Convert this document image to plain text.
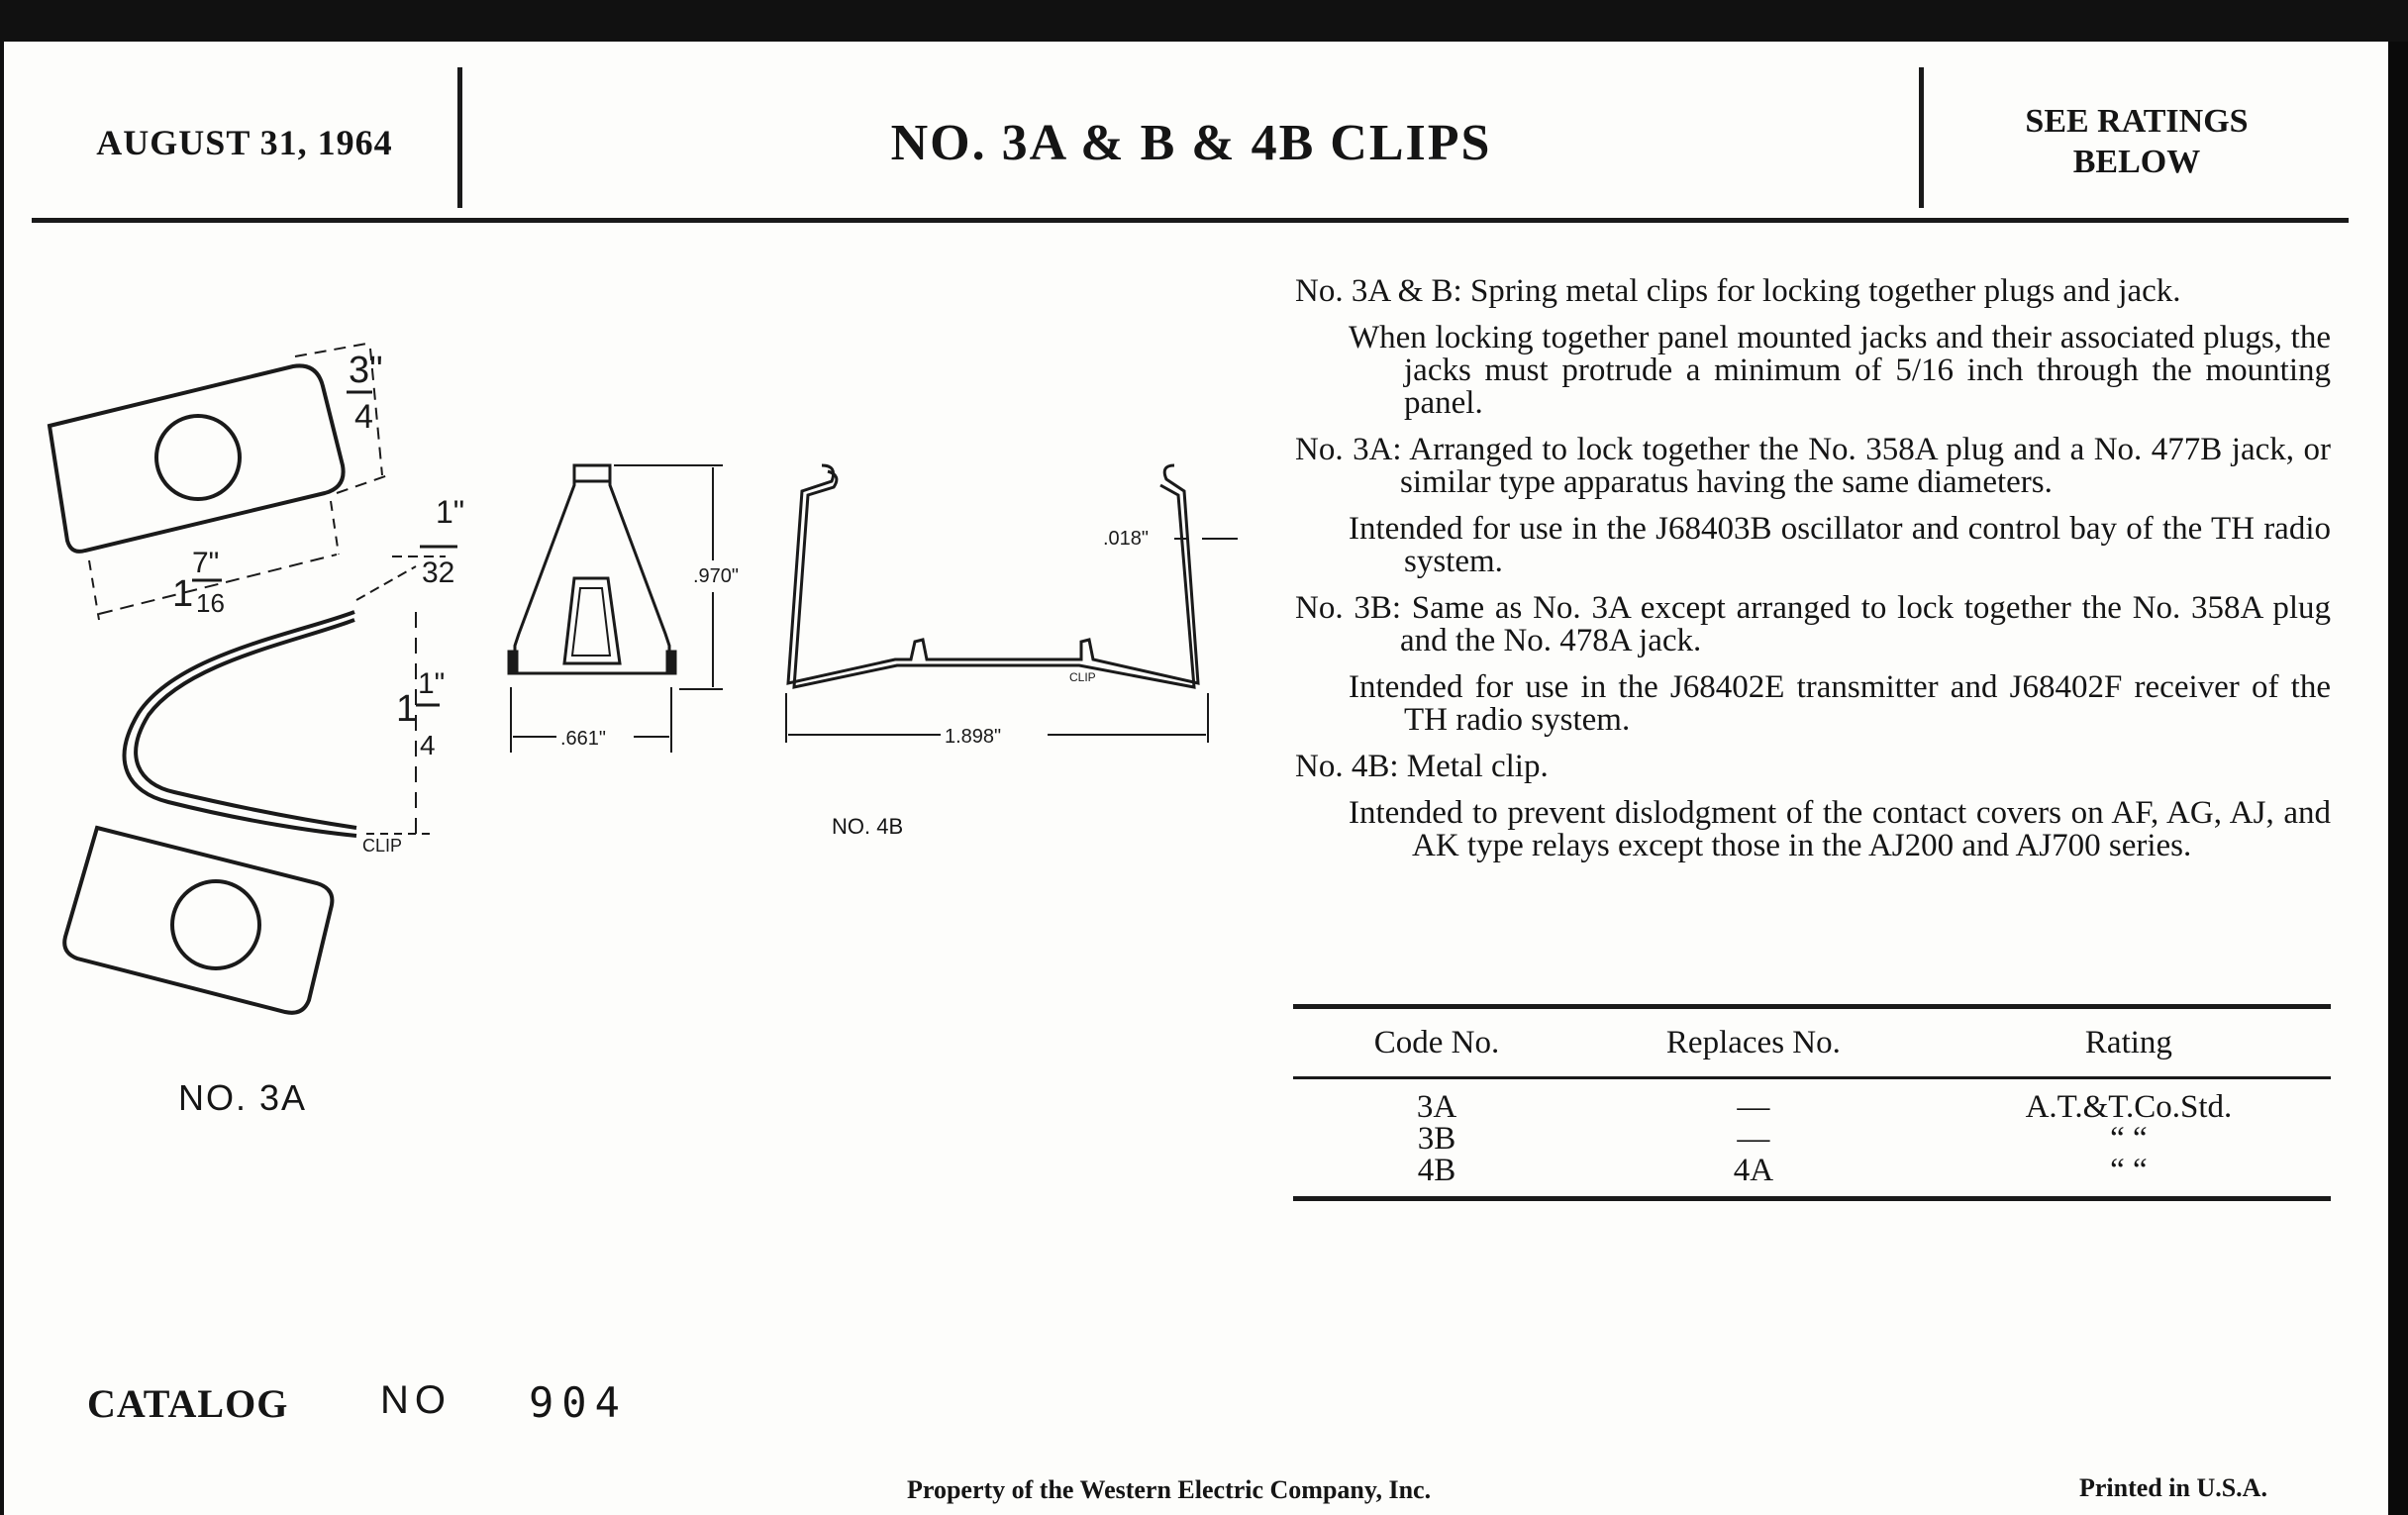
AUGUST 31, 1964	NO. 3A & B & 4B CLIPS	SEE RATINGS
BELOW
3"
4
7"
1 16
1"
32
1
1"
4
CLIP
.970"
.661"	1.898"
.018"
CLIP
NO. 3A
NO. 4B

No. 3A & B: Spring metal clips for locking together plugs and jack.

When locking together panel mounted jacks and their associated plugs, the jacks must protrude a minimum of 5/16 inch through the mounting panel.

No. 3A: Arranged to lock together the No. 358A plug and a No. 477B jack, or similar type apparatus having the same diameters.

Intended for use in the J68403B oscillator and control bay of the TH radio system.

No. 3B: Same as No. 3A except arranged to lock together the No. 358A plug and the No. 478A jack.

Intended for use in the J68402E transmitter and J68402F receiver of the TH radio system.

No. 4B: Metal clip.

Intended to prevent dislodgment of the contact covers on AF, AG, AJ, and AK type relays except those in the AJ200 and AJ700 series.

Code No.	Replaces No.	Rating
3A	—	A.T.&T.Co.Std.
3B	—	“ “
4B	4A	“ “
CATALOG NO 904
Property of the Western Electric Company, Inc.	Printed in U.S.A.
